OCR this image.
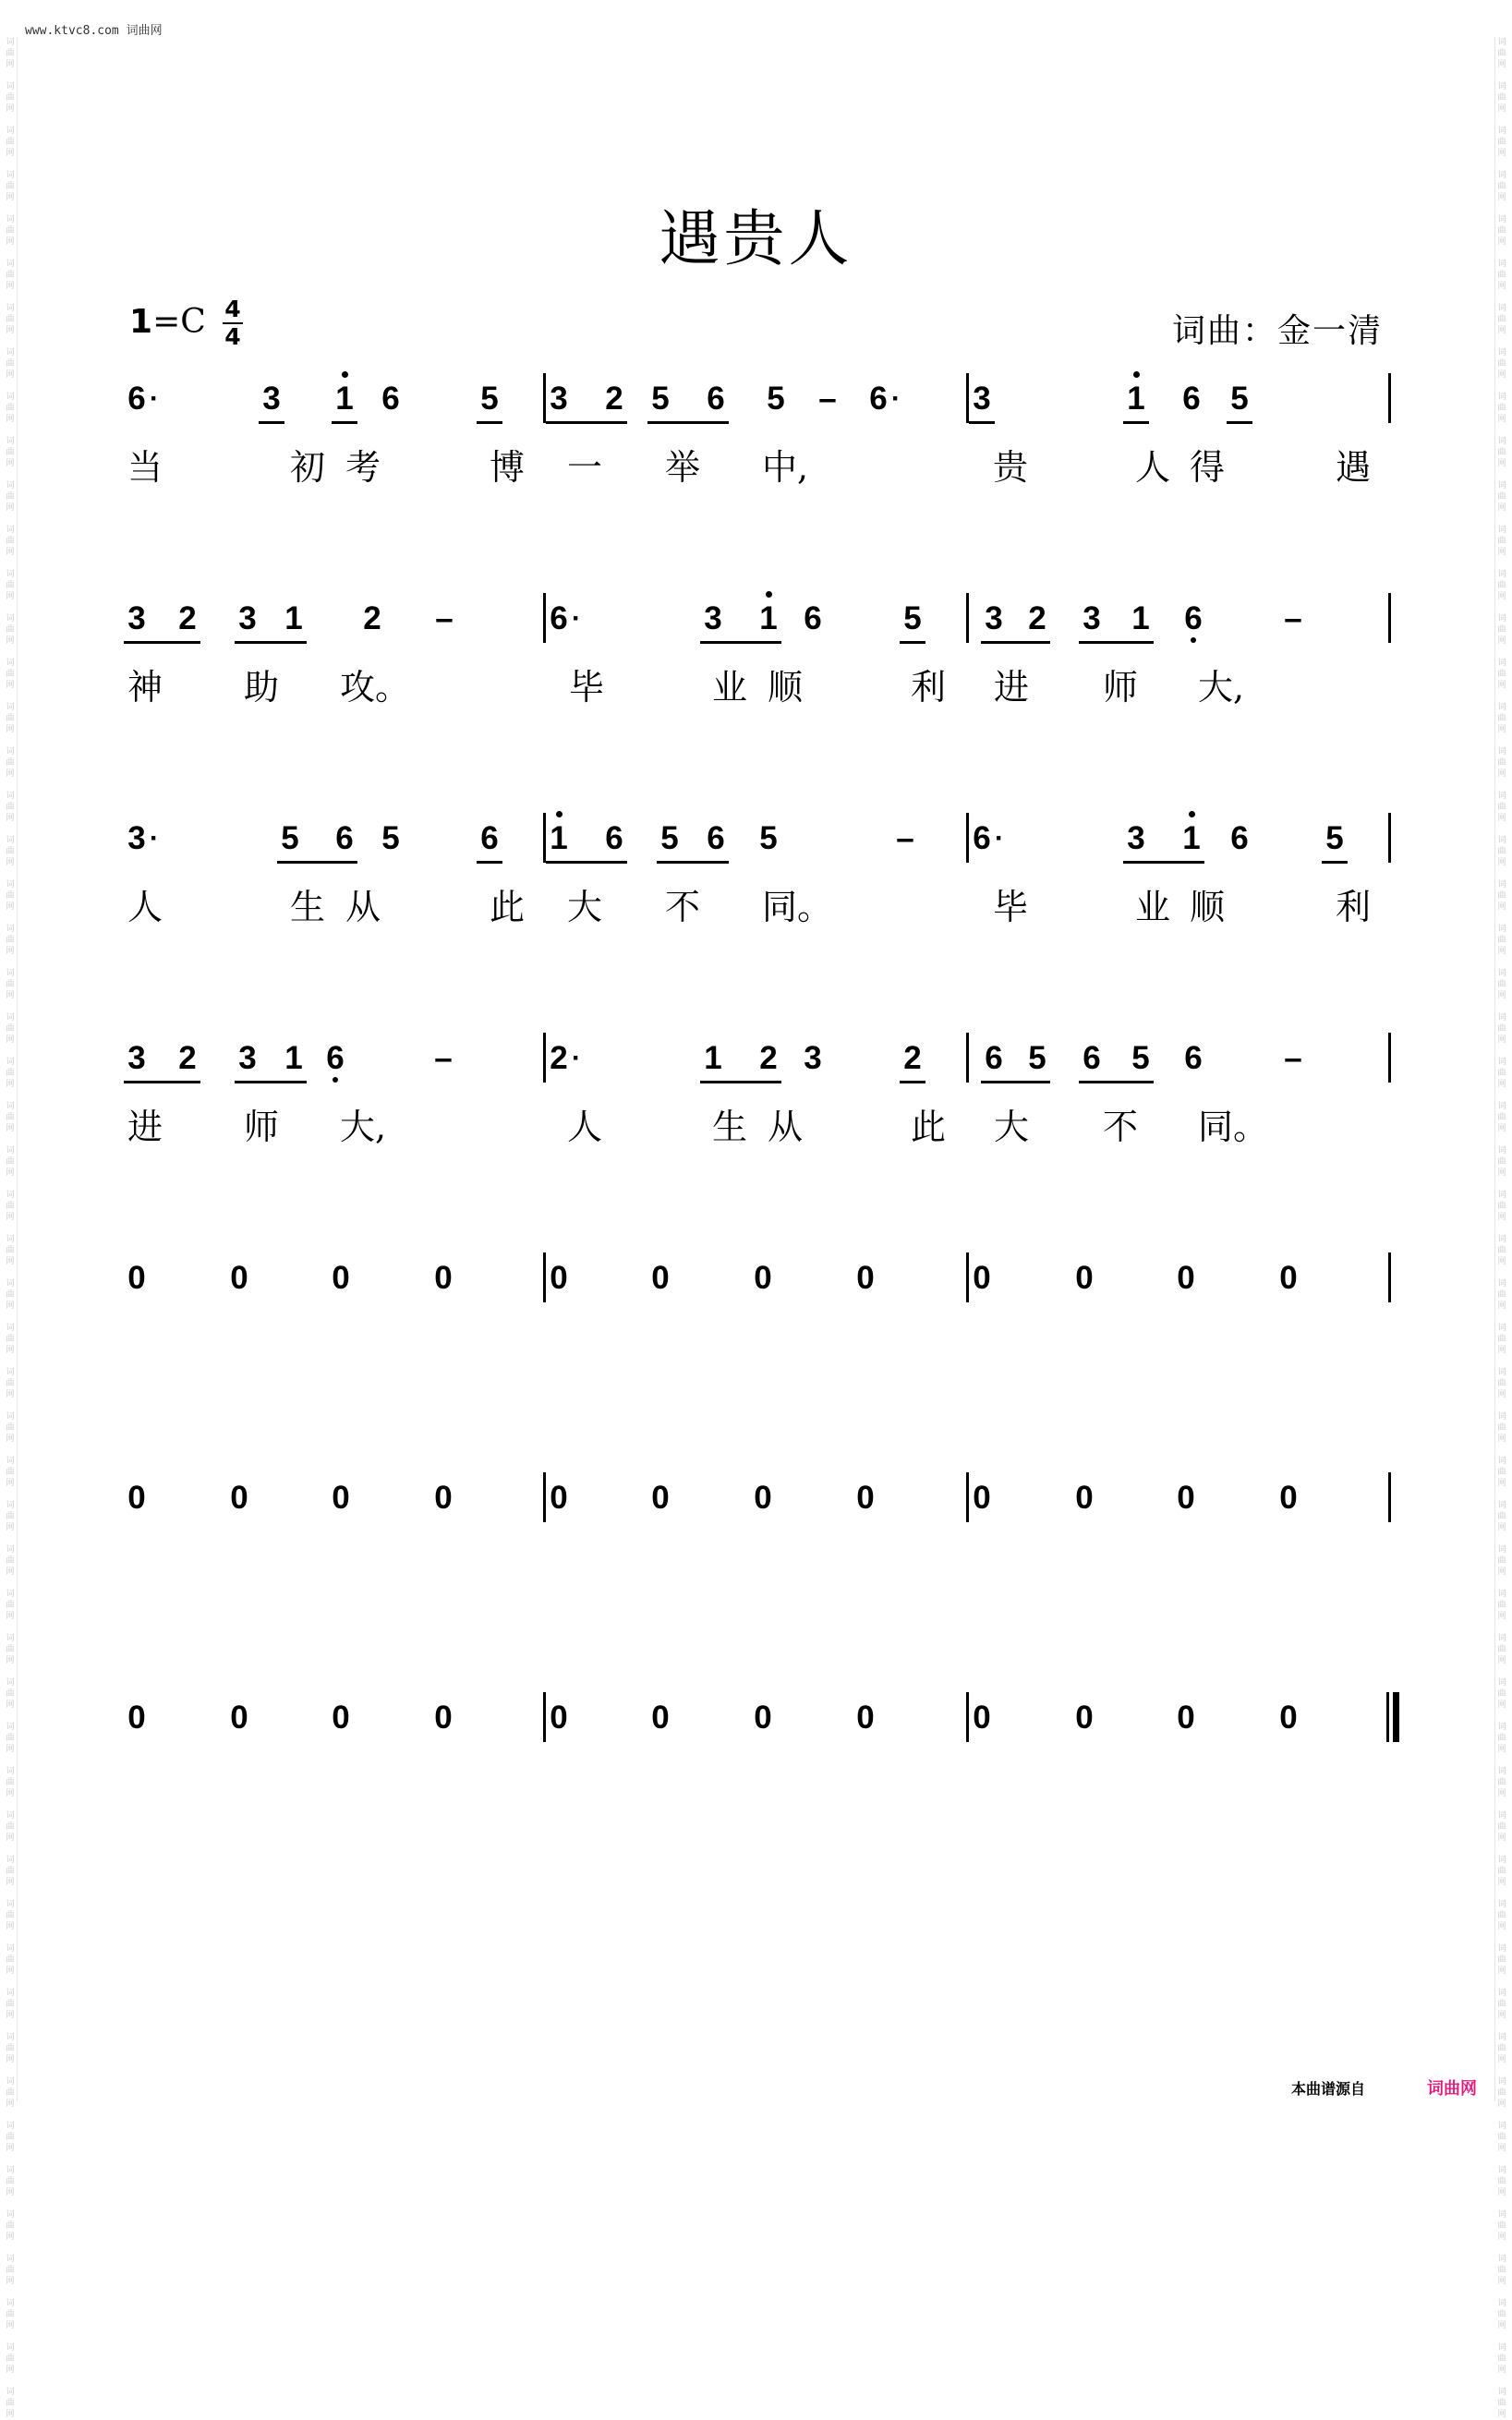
www.ktvc8.com 词曲网
词
曲
网

词
曲
网

词
曲
网

词
曲
网

词
曲
网

词
曲
网

词
曲
网

词
曲
网

词
曲
网

词
曲
网

词
曲
网

词
曲
网

词
曲
网

词
曲
网

词
曲
网

词
曲
网

词
曲
网

词
曲
网

词
曲
网

词
曲
网

词
曲
网

词
曲
网

词
曲
网

词
曲
网

词
曲
网

词
曲
网

词
曲
网

词
曲
网

词
曲
网

词
曲
网

词
曲
网

词
曲
网

词
曲
网

词
曲
网

词
曲
网

词
曲
网

词
曲
网

词
曲
网

词
曲
网

词
曲
网

词
曲
网

词
曲
网

词
曲
网

词
曲
网

词
曲
网

词
曲
网

词
曲
网

词
曲
网

词
曲
网

词
曲
网

词
曲
网

词
曲
网

词
曲
网

词
曲
网

词
曲
网

词
曲
网

词
曲
网

词
曲
网

词
曲
网

词
曲
网

词
曲
网

词
曲
网

词
曲
网

词
曲
网

词
曲
网

词
曲
网

词
曲
网

词
曲
网

词
曲
网

词
曲
网

词
曲
网

词
曲
网

词
曲
网

词
曲
网

词
曲
网

词
曲
网

词
曲
网

词
曲
网

词
曲
网

词
曲
网

词
曲
网

词
曲
网

词
曲
网

词
曲
网

词
曲
网

词
曲
网

词
曲
网

词
曲
网

词
曲
网

词
曲
网

词
曲
网

词
曲
网

词
曲
网

词
曲
网

词
曲
网

词
曲
网

词
曲
网

词
曲
网

词
曲
网

词
曲
网

词
曲
网

词
曲
网

词
曲
网

词
曲
网

词
曲
网

词
曲
网

词
曲
网

词
曲
网

遇贵人
1=C 4
4	词曲：金一清
6 ·	3 1 6	5 3 2 5 6 5 – 6 · 3	1 6 5
当	初 考	博 一 举 中,	贵	人 得	遇
3 2 3 1 2 –	6 ·	3 1 6	5 3 2 3 1 6	–
神 助 攻。	毕	业 顺	利 进 师 大,
3 ·	5 6 5	6 1 6 5 6 5	– 6 ·	3 1 6 5
人	生 从	此 大 不 同。	毕	业 顺	利
3 2 3 1 6	–	2 ·	1 2 3	2 6 5 6 5 6	–
进 师 大,	人	生 从	此 大 不 同。
0	0	0	0	0	0	0	0	0	0	0	0
0	0	0	0	0	0	0	0	0	0	0	0
0	0	0	0	0	0	0	0	0	0	0	0
本曲谱源自	词曲网
